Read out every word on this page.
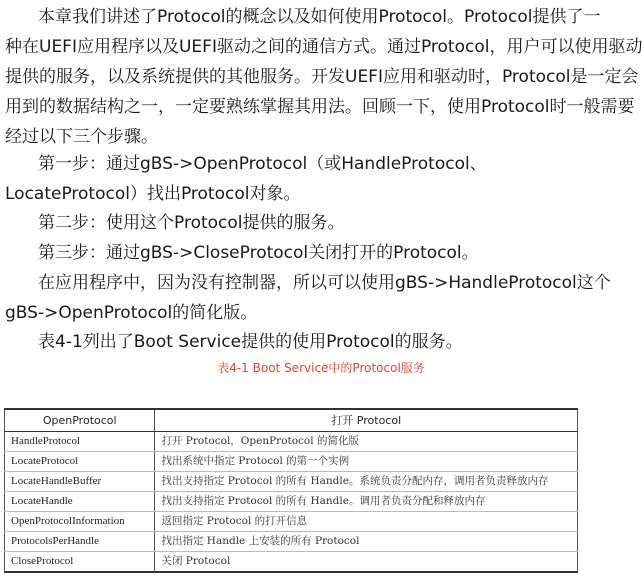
本章我们讲述了Protocol的概念以及如何使用Protocol。Protocol提供了一
种在UEFI应用程序以及UEFI驱动之间的通信方式。通过Protocol，用户可以使用驱动
提供的服务，以及系统提供的其他服务。开发UEFI应用和驱动时，Protocol是一定会
用到的数据结构之一，一定要熟练掌握其用法。回顾一下，使用Protocol时一般需要
经过以下三个步骤。

第一步：通过gBS->OpenProtocol（或HandleProtocol、
LocateProtocol）找出Protocol对象。

第二步：使用这个Protocol提供的服务。

第三步：通过gBS->CloseProtocol关闭打开的Protocol。

在应用程序中，因为没有控制器，所以可以使用gBS->HandleProtocol这个
gBS->OpenProtocol的简化版。

表4-1列出了Boot Service提供的使用Protocol的服务。

表4-1 Boot Service中的Protocol服务
OpenProtocol	打开 Protocol
HandleProtocol	打开 Protocol，OpenProtocol 的简化版
LocateProtocol	找出系统中指定 Protocol 的第一个实例
LocateHandleBuffer	找出支持指定 Protocol 的所有 Handle。系统负责分配内存，调用者负责释放内存
LocateHandle	找出支持指定 Protocol 的所有 Handle。调用者负责分配和释放内存
OpenProtocolInformation	返回指定 Protocol 的打开信息
ProtocolsPerHandle	找出指定 Handle 上安装的所有 Protocol
CloseProtocol	关闭 Protocol
